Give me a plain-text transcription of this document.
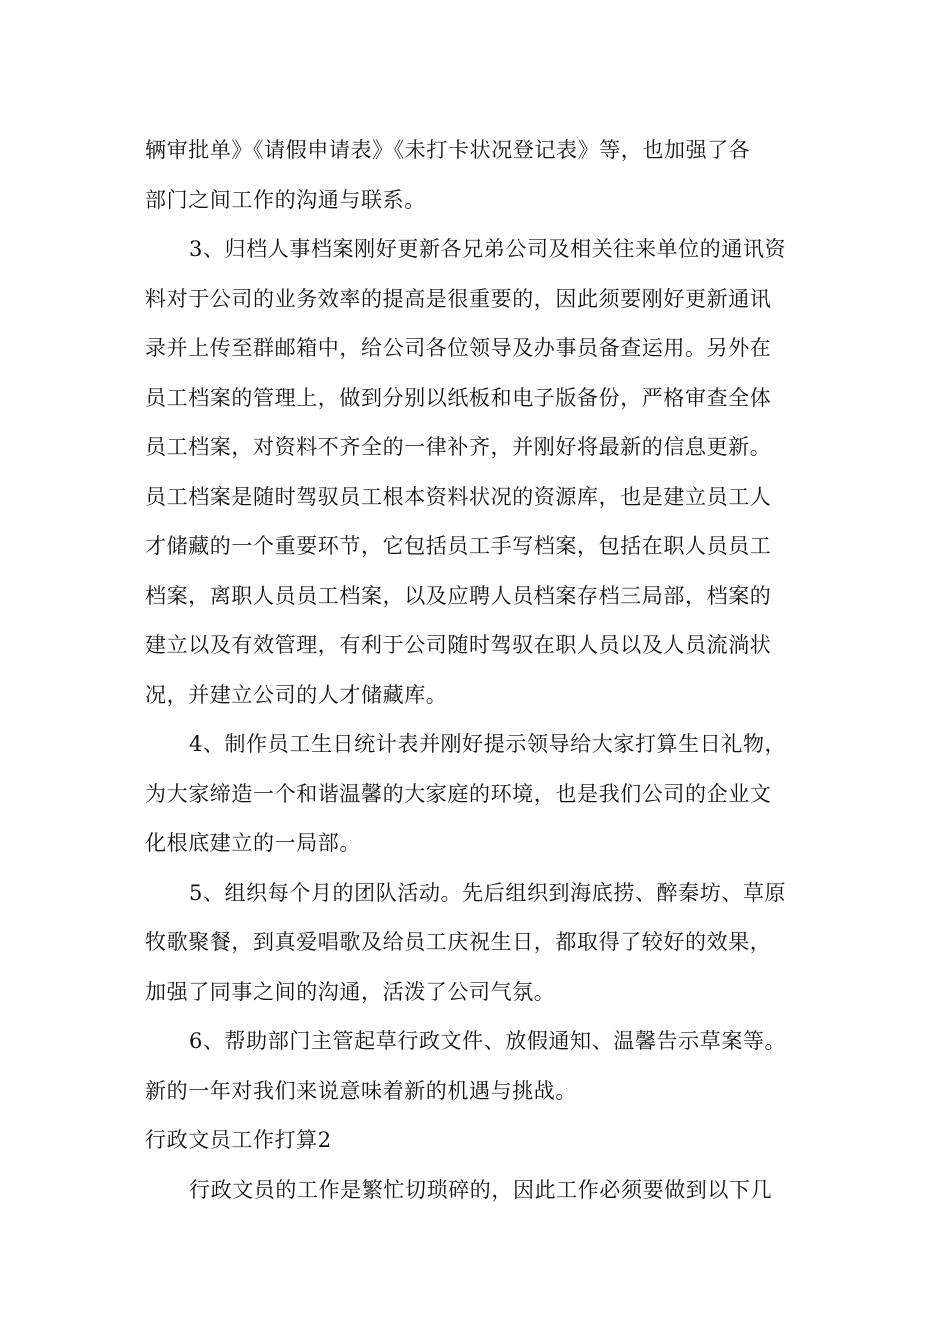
辆审批单》《请假申请表》《未打卡状况登记表》等，也加强了各
部门之间工作的沟通与联系。
3、归档人事档案刚好更新各兄弟公司及相关往来单位的通讯资
料对于公司的业务效率的提高是很重要的，因此须要刚好更新通讯
录并上传至群邮箱中，给公司各位领导及办事员备查运用。另外在
员工档案的管理上，做到分别以纸板和电子版备份，严格审查全体
员工档案，对资料不齐全的一律补齐，并刚好将最新的信息更新。
员工档案是随时驾驭员工根本资料状况的资源库，也是建立员工人
才储藏的一个重要环节，它包括员工手写档案，包括在职人员员工
档案，离职人员员工档案，以及应聘人员档案存档三局部，档案的
建立以及有效管理，有利于公司随时驾驭在职人员以及人员流淌状
况，并建立公司的人才储藏库。
4、制作员工生日统计表并刚好提示领导给大家打算生日礼物，
为大家缔造一个和谐温馨的大家庭的环境，也是我们公司的企业文
化根底建立的一局部。
5、组织每个月的团队活动。先后组织到海底捞、醉秦坊、草原
牧歌聚餐，到真爱唱歌及给员工庆祝生日，都取得了较好的效果，
加强了同事之间的沟通，活泼了公司气氛。
6、帮助部门主管起草行政文件、放假通知、温馨告示草案等。
新的一年对我们来说意味着新的机遇与挑战。
行政文员工作打算2
行政文员的工作是繁忙切琐碎的，因此工作必须要做到以下几
